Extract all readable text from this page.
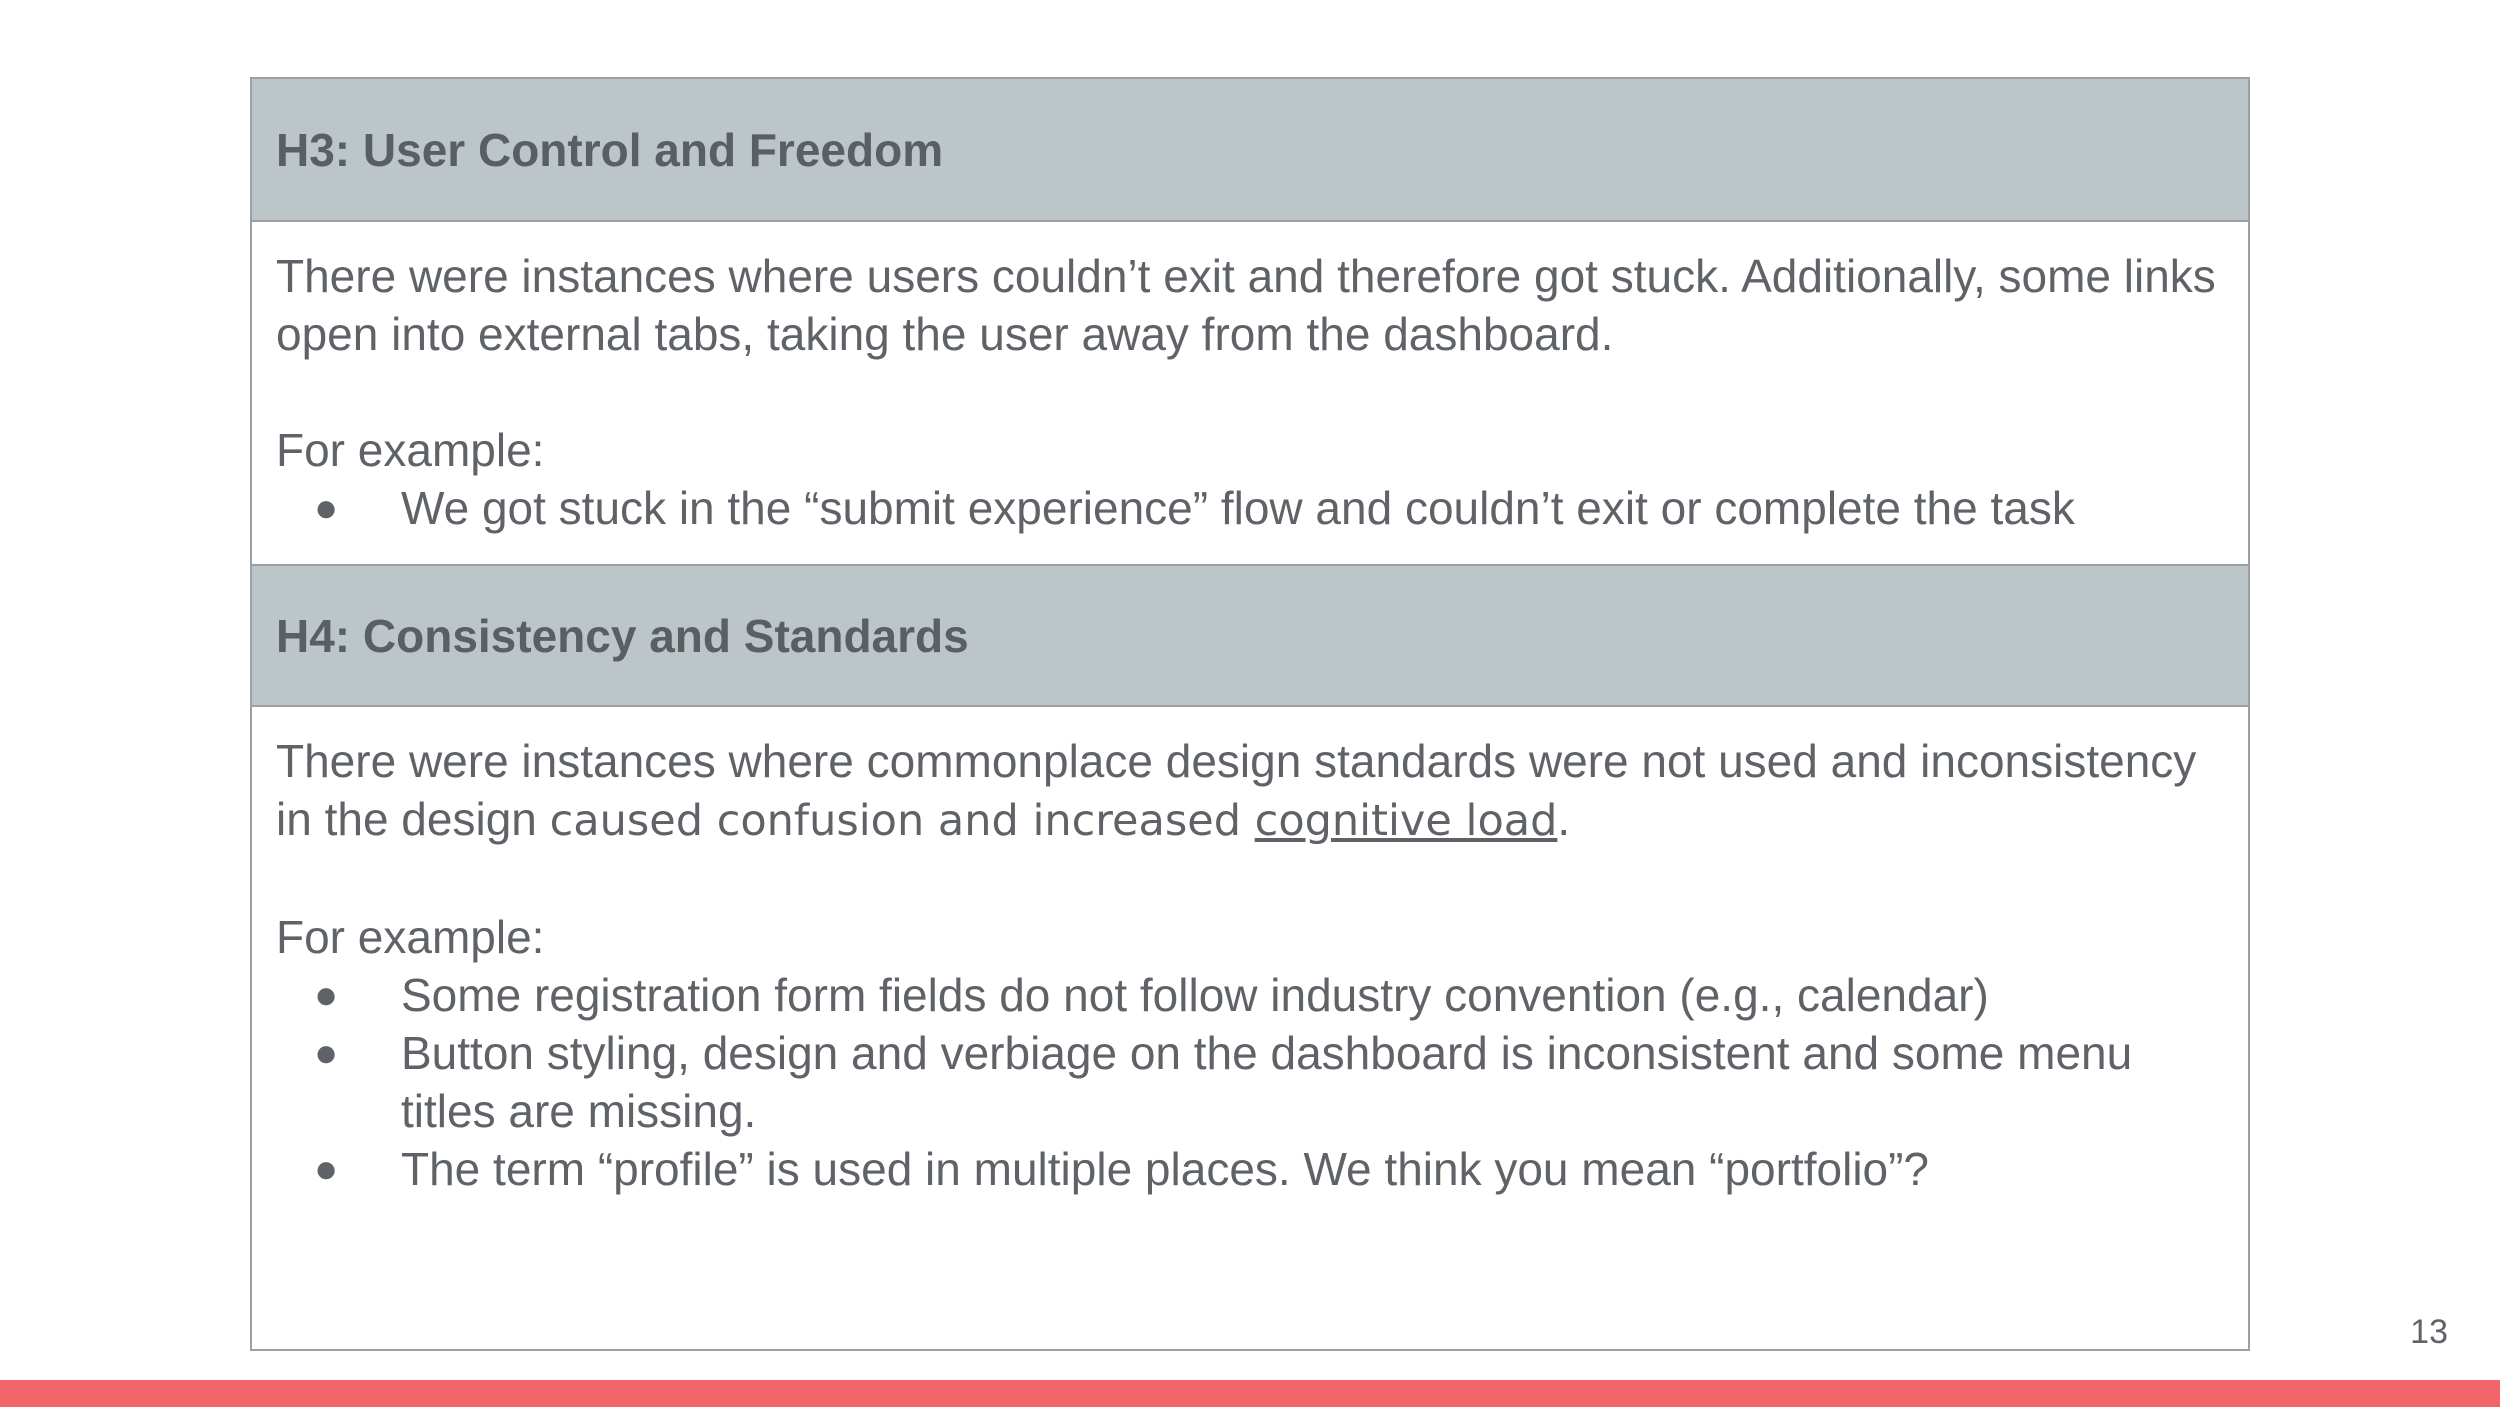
H3: User Control and Freedom

There were instances where users couldn’t exit and therefore got stuck. Additionally, some links open into external tabs, taking the user away from the dashboard.

For example:

● We got stuck in the “submit experience” flow and couldn’t exit or complete the task
H4: Consistency and Standards

There were instances where commonplace design standards were not used and inconsistency in the design caused confusion and increased cognitive load.

For example:

● Some registration form fields do not follow industry convention (e.g., calendar)
● Button styling, design and verbiage on the dashboard is inconsistent and some menu titles are missing.
● The term “profile” is used in multiple places. We think you mean “portfolio”?
13
